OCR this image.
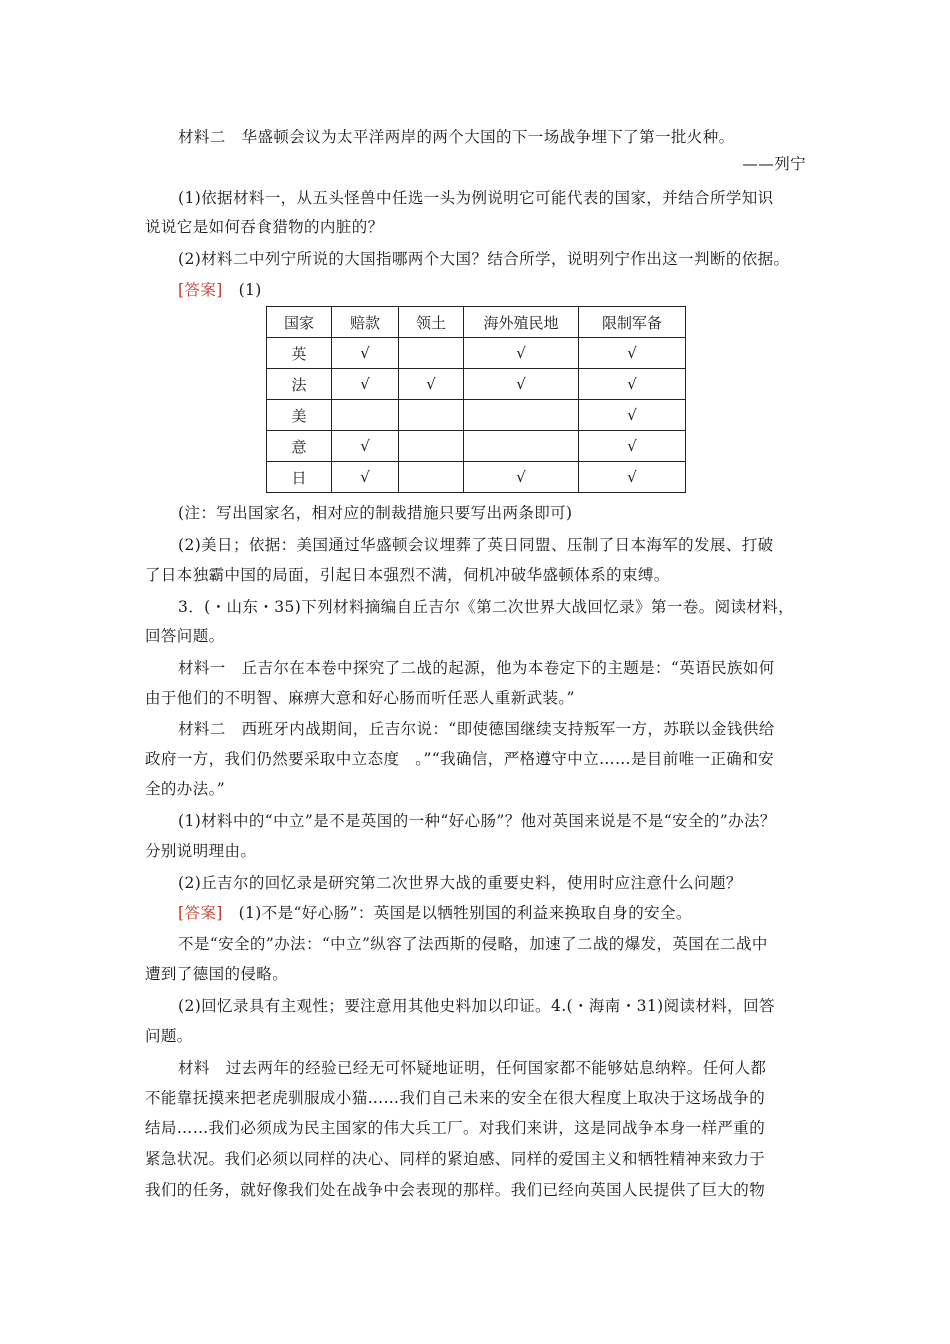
材料二　华盛顿会议为太平洋两岸的两个大国的下一场战争埋下了第一批火种。
——列宁
(1)依据材料一，从五头怪兽中任选一头为例说明它可能代表的国家，并结合所学知识
说说它是如何吞食猎物的内脏的？
(2)材料二中列宁所说的大国指哪两个大国？结合所学，说明列宁作出这一判断的依据。
[答案]　(1)
国家	赔款	领土	海外殖民地	限制军备
英	√		√	√
法	√	√	√	√
美				√
意	√			√
日	√		√	√
(注：写出国家名，相对应的制裁措施只要写出两条即可)
(2)美日；依据：美国通过华盛顿会议埋葬了英日同盟、压制了日本海军的发展、打破
了日本独霸中国的局面，引起日本强烈不满，伺机冲破华盛顿体系的束缚。
3．(・山东・35)下列材料摘编自丘吉尔《第二次世界大战回忆录》第一卷。阅读材料，
回答问题。
材料一　丘吉尔在本卷中探究了二战的起源，他为本卷定下的主题是：“英语民族如何
由于他们的不明智、麻痹大意和好心肠而听任恶人重新武装。”
材料二　西班牙内战期间，丘吉尔说：“即使德国继续支持叛军一方，苏联以金钱供给
政府一方，我们仍然要采取中立态度　。”“我确信，严格遵守中立……是目前唯一正确和安
全的办法。”
(1)材料中的“中立”是不是英国的一种“好心肠”？他对英国来说是不是“安全的”办法？
分别说明理由。
(2)丘吉尔的回忆录是研究第二次世界大战的重要史料，使用时应注意什么问题？
[答案]　(1)不是“好心肠”：英国是以牺牲别国的利益来换取自身的安全。
不是“安全的”办法：“中立”纵容了法西斯的侵略，加速了二战的爆发，英国在二战中
遭到了德国的侵略。
(2)回忆录具有主观性；要注意用其他史料加以印证。4.(・海南・31)阅读材料，回答
问题。
材料　过去两年的经验已经无可怀疑地证明，任何国家都不能够姑息纳粹。任何人都
不能靠抚摸来把老虎驯服成小猫……我们自己未来的安全在很大程度上取决于这场战争的
结局……我们必须成为民主国家的伟大兵工厂。对我们来讲，这是同战争本身一样严重的
紧急状况。我们必须以同样的决心、同样的紧迫感、同样的爱国主义和牺牲精神来致力于
我们的任务，就好像我们处在战争中会表现的那样。我们已经向英国人民提供了巨大的物
